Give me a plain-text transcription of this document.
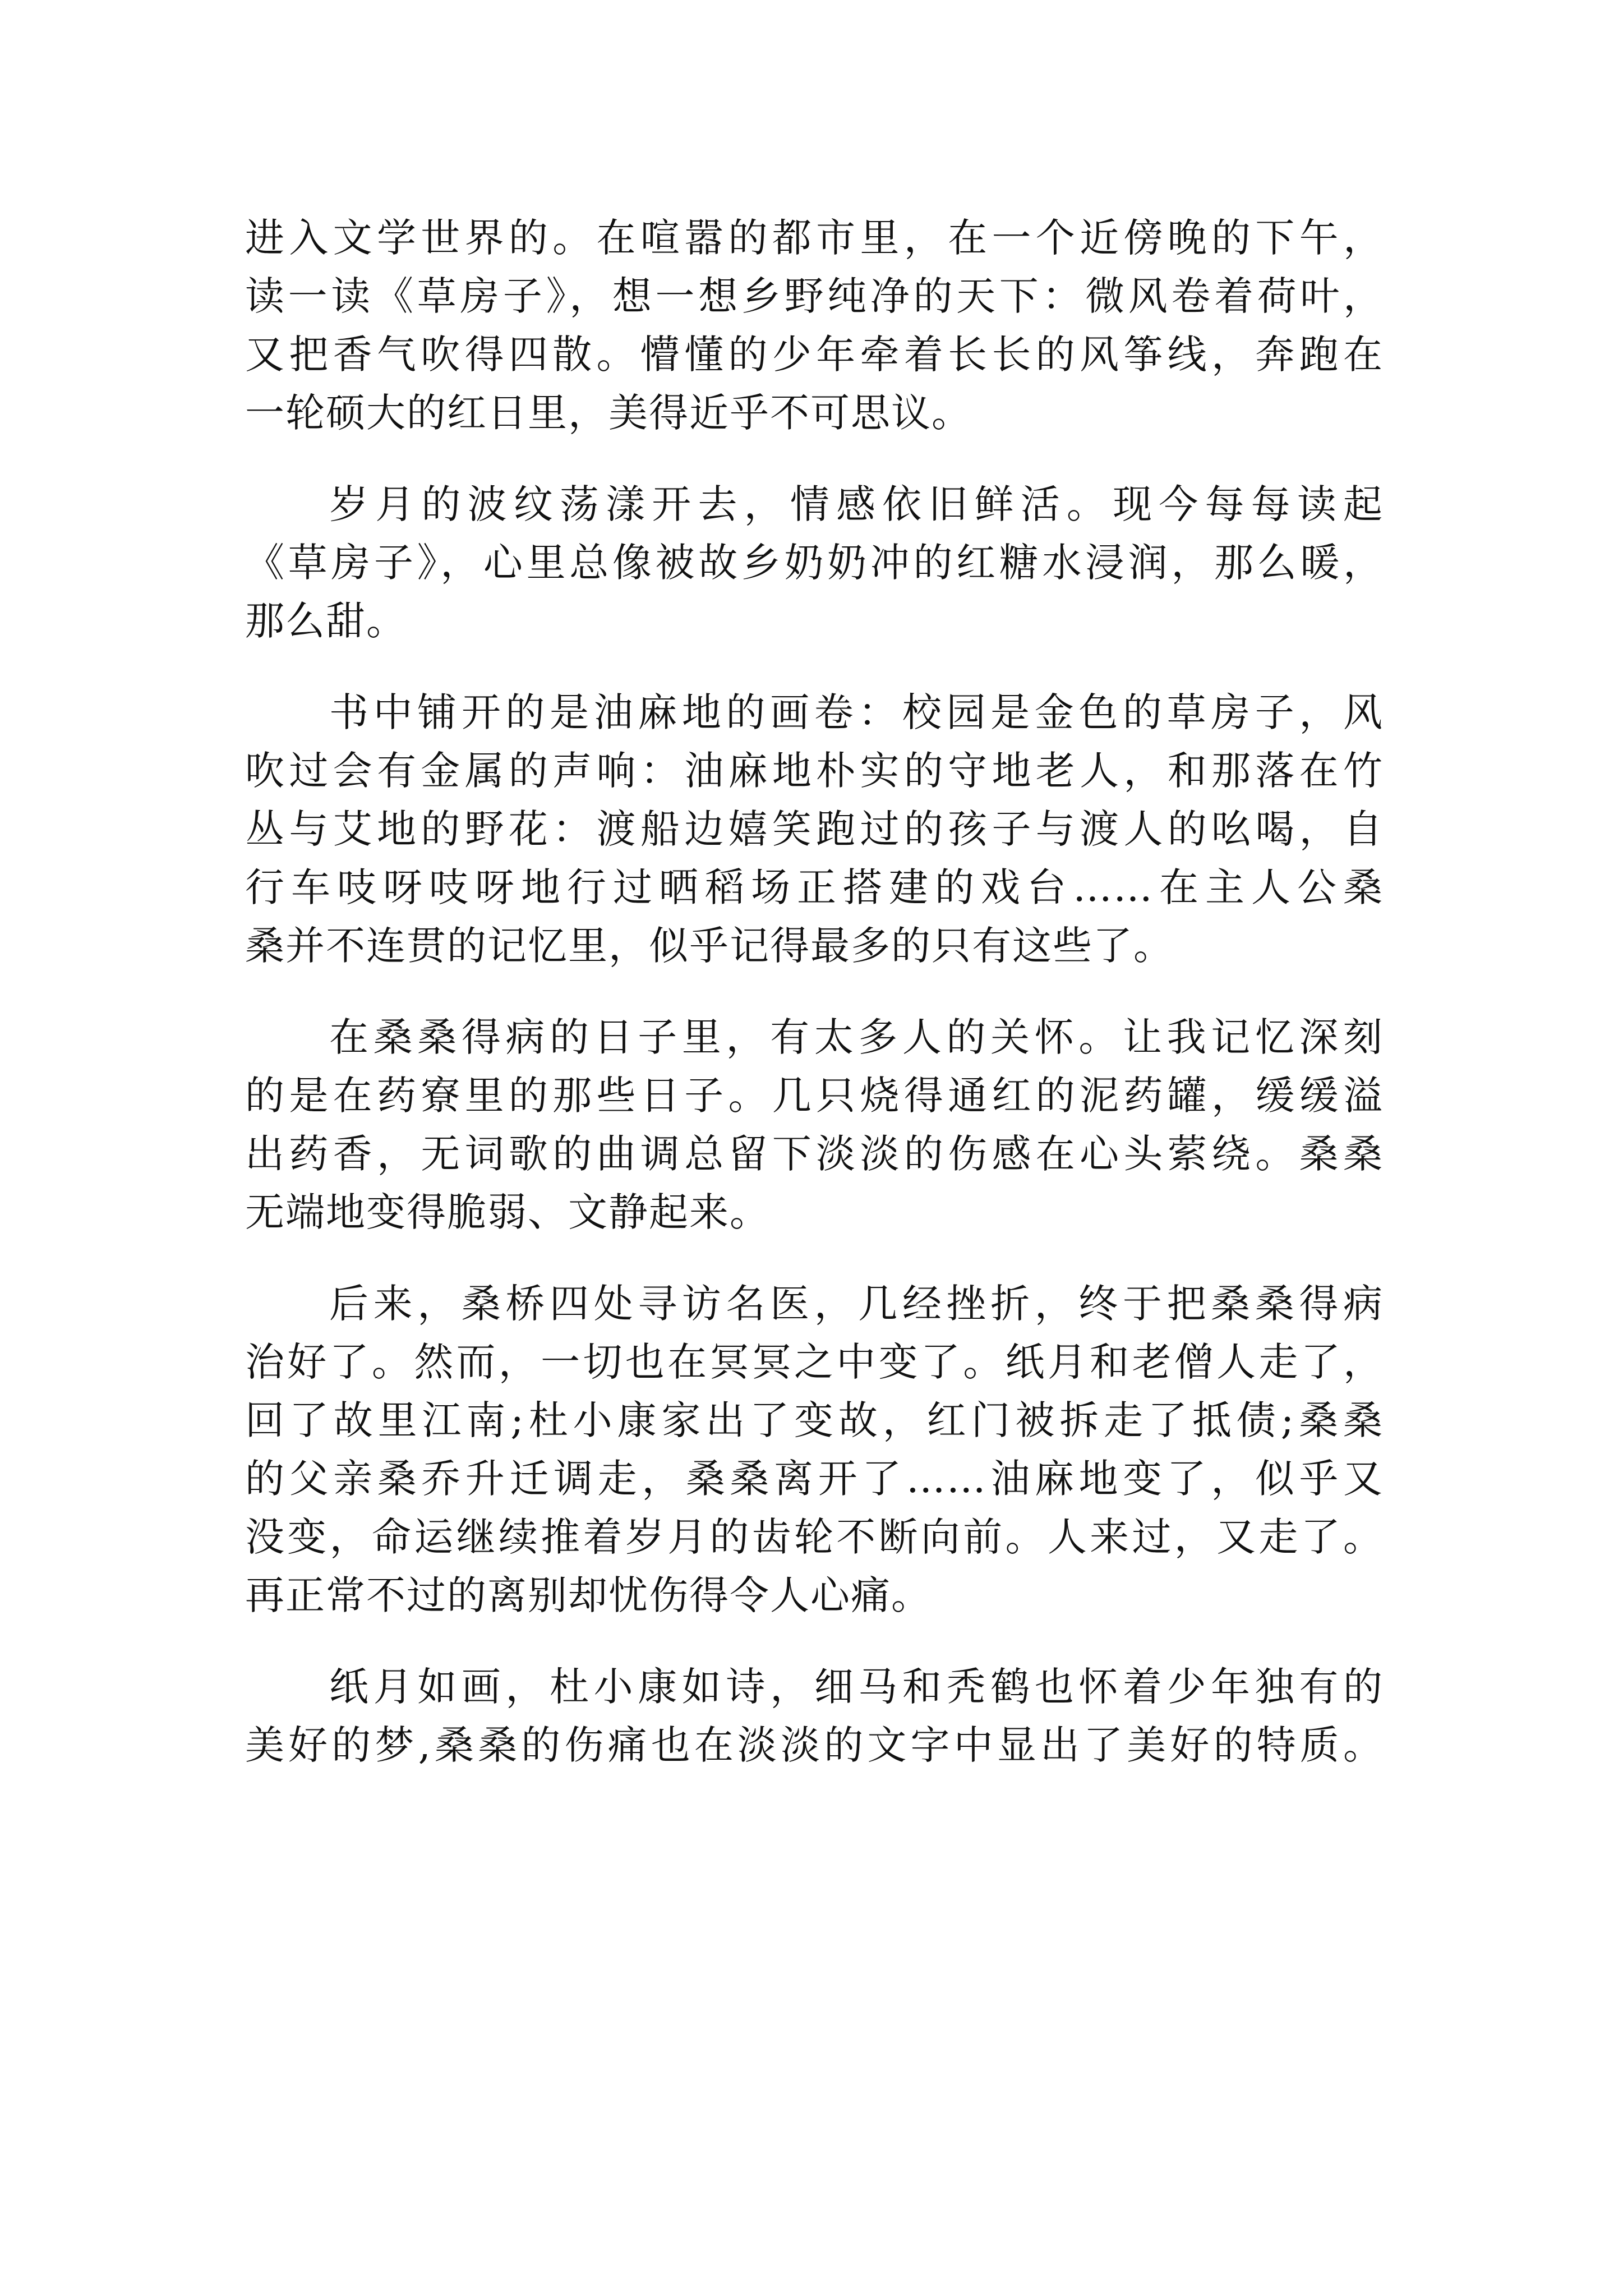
进入文学世界的。在喧嚣的都市里，在一个近傍晚的下午，
读一读《草房子》，想一想乡野纯净的天下：微风卷着荷叶，
又把香气吹得四散。懵懂的少年牵着长长的风筝线，奔跑在
一轮硕大的红日里，美得近乎不可思议。
岁月的波纹荡漾开去，情感依旧鲜活。现今每每读起
《草房子》，心里总像被故乡奶奶冲的红糖水浸润，那么暖，
那么甜。
书中铺开的是油麻地的画卷：校园是金色的草房子，风
吹过会有金属的声响：油麻地朴实的守地老人，和那落在竹
丛与艾地的野花：渡船边嬉笑跑过的孩子与渡人的吆喝，自
行车吱呀吱呀地行过晒稻场正搭建的戏台……在主人公桑
桑并不连贯的记忆里，似乎记得最多的只有这些了。
在桑桑得病的日子里，有太多人的关怀。让我记忆深刻
的是在药寮里的那些日子。几只烧得通红的泥药罐，缓缓溢
出药香，无词歌的曲调总留下淡淡的伤感在心头萦绕。桑桑
无端地变得脆弱、文静起来。
后来，桑桥四处寻访名医，几经挫折，终于把桑桑得病
治好了。然而，一切也在冥冥之中变了。纸月和老僧人走了，
回了故里江南;杜小康家出了变故，红门被拆走了抵债;桑桑
的父亲桑乔升迁调走，桑桑离开了……油麻地变了，似乎又
没变，命运继续推着岁月的齿轮不断向前。人来过，又走了。
再正常不过的离别却忧伤得令人心痛。
纸月如画，杜小康如诗，细马和秃鹤也怀着少年独有的
美好的梦,桑桑的伤痛也在淡淡的文字中显出了美好的特质。
